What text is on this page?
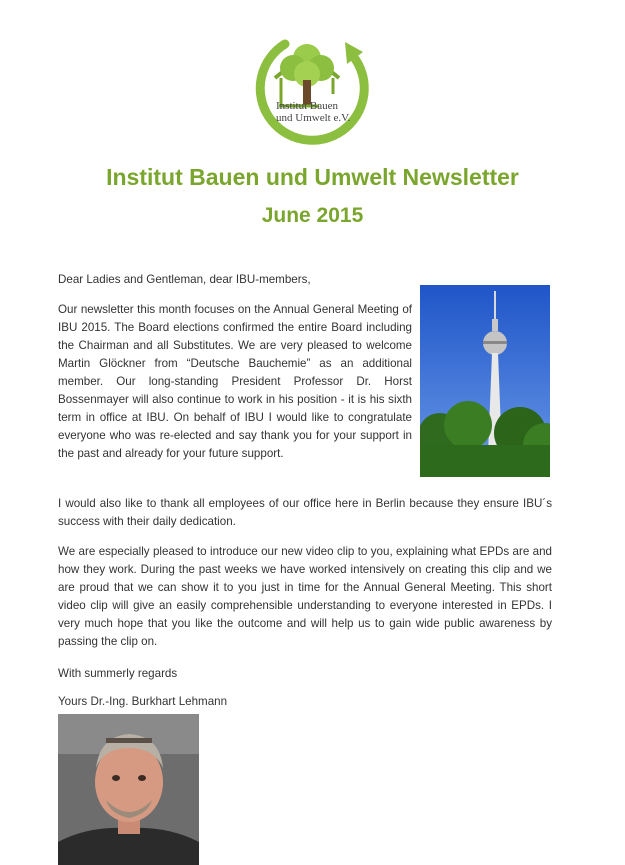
Institut Bauen
und Umwelt e.V.
Institut Bauen und Umwelt Newsletter
June 2015

Dear Ladies and Gentleman, dear IBU-members,

Our newsletter this month focuses on the Annual General Meeting of IBU 2015. The Board elections confirmed the entire Board including the Chairman and all Substitutes. We are very pleased to welcome Martin Glöckner from “Deutsche Bauchemie” as an additional member. Our long-standing President Professor Dr. Horst Bossenmayer will also continue to work in his position - it is his sixth term in office at IBU. On behalf of IBU I would like to congratulate everyone who was re-elected and say thank you for your support in the past and already for your future support.

I would also like to thank all employees of our office here in Berlin because they ensure IBU´s success with their daily dedication.

We are especially pleased to introduce our new video clip to you, explaining what EPDs are and how they work. During the past weeks we have worked intensively on creating this clip and we are proud that we can show it to you just in time for the Annual General Meeting. This short video clip will give an easily comprehensible understanding to everyone interested in EPDs. I very much hope that you like the outcome and will help us to gain wide public awareness by passing the clip on.

With summerly regards

Yours Dr.-Ing. Burkhart Lehmann
